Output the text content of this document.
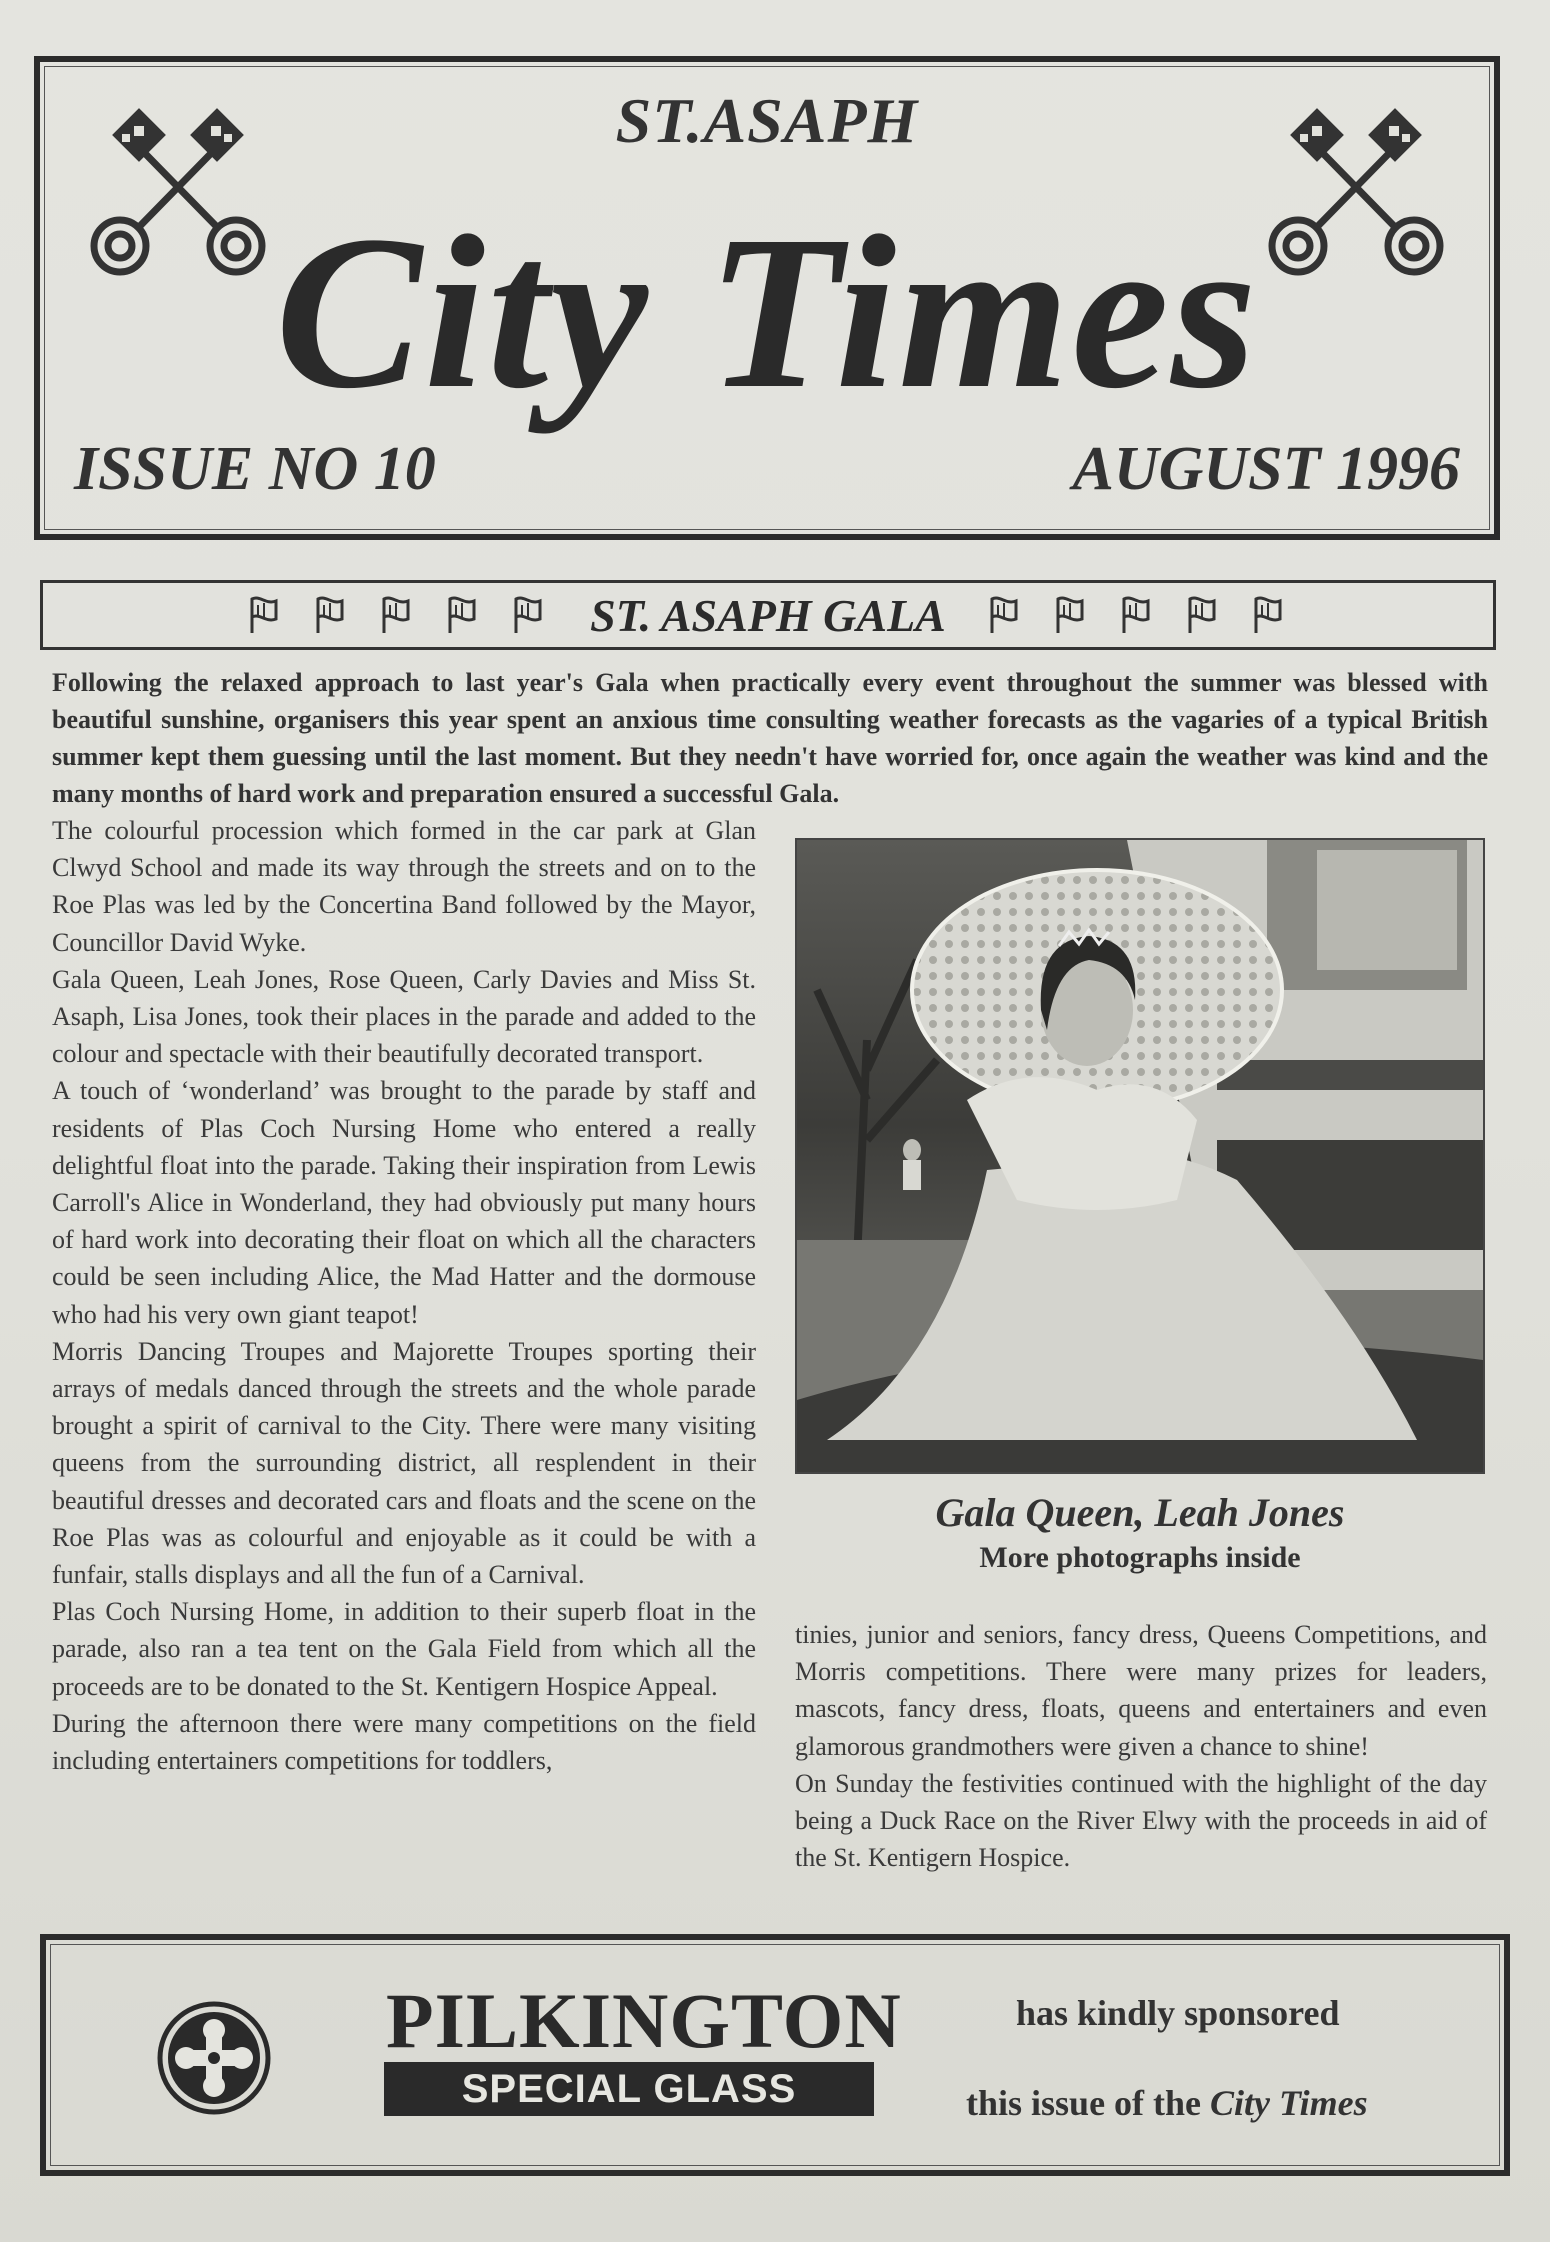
ST.ASAPH
City Times
ISSUE NO 10	AUGUST 1996
ST. ASAPH GALA
Following the relaxed approach to last year's Gala when practically every event throughout the summer was blessed with beautiful sunshine, organisers this year spent an anxious time consulting weather forecasts as the vagaries of a typical British summer kept them guessing until the last moment. But they needn't have worried for, once again the weather was kind and the many months of hard work and preparation ensured a successful Gala.

The colourful procession which formed in the car park at Glan Clwyd School and made its way through the streets and on to the Roe Plas was led by the Concertina Band followed by the Mayor, Councillor David Wyke.

Gala Queen, Leah Jones, Rose Queen, Carly Davies and Miss St. Asaph, Lisa Jones, took their places in the parade and added to the colour and spectacle with their beautifully decorated transport.

A touch of ‘wonderland’ was brought to the parade by staff and residents of Plas Coch Nursing Home who entered a really delightful float into the parade. Taking their inspiration from Lewis Carroll's Alice in Wonderland, they had obviously put many hours of hard work into decorating their float on which all the characters could be seen including Alice, the Mad Hatter and the dormouse who had his very own giant teapot!

Morris Dancing Troupes and Majorette Troupes sporting their arrays of medals danced through the streets and the whole parade brought a spirit of carnival to the City. There were many visiting queens from the surrounding district, all resplendent in their beautiful dresses and decorated cars and floats and the scene on the Roe Plas was as colourful and enjoyable as it could be with a funfair, stalls displays and all the fun of a Carnival.

Plas Coch Nursing Home, in addition to their superb float in the parade, also ran a tea tent on the Gala Field from which all the proceeds are to be donated to the St. Kentigern Hospice Appeal.

During the afternoon there were many competitions on the field including entertainers competitions for toddlers,

Gala Queen, Leah Jones
More photographs inside

tinies, junior and seniors, fancy dress, Queens Competitions, and Morris competitions. There were many prizes for leaders, mascots, fancy dress, floats, queens and entertainers and even glamorous grandmothers were given a chance to shine!

On Sunday the festivities continued with the highlight of the day being a Duck Race on the River Elwy with the proceeds in aid of the St. Kentigern Hospice.

PILKINGTON
SPECIAL GLASS
has kindly sponsored
this issue of the City Times
